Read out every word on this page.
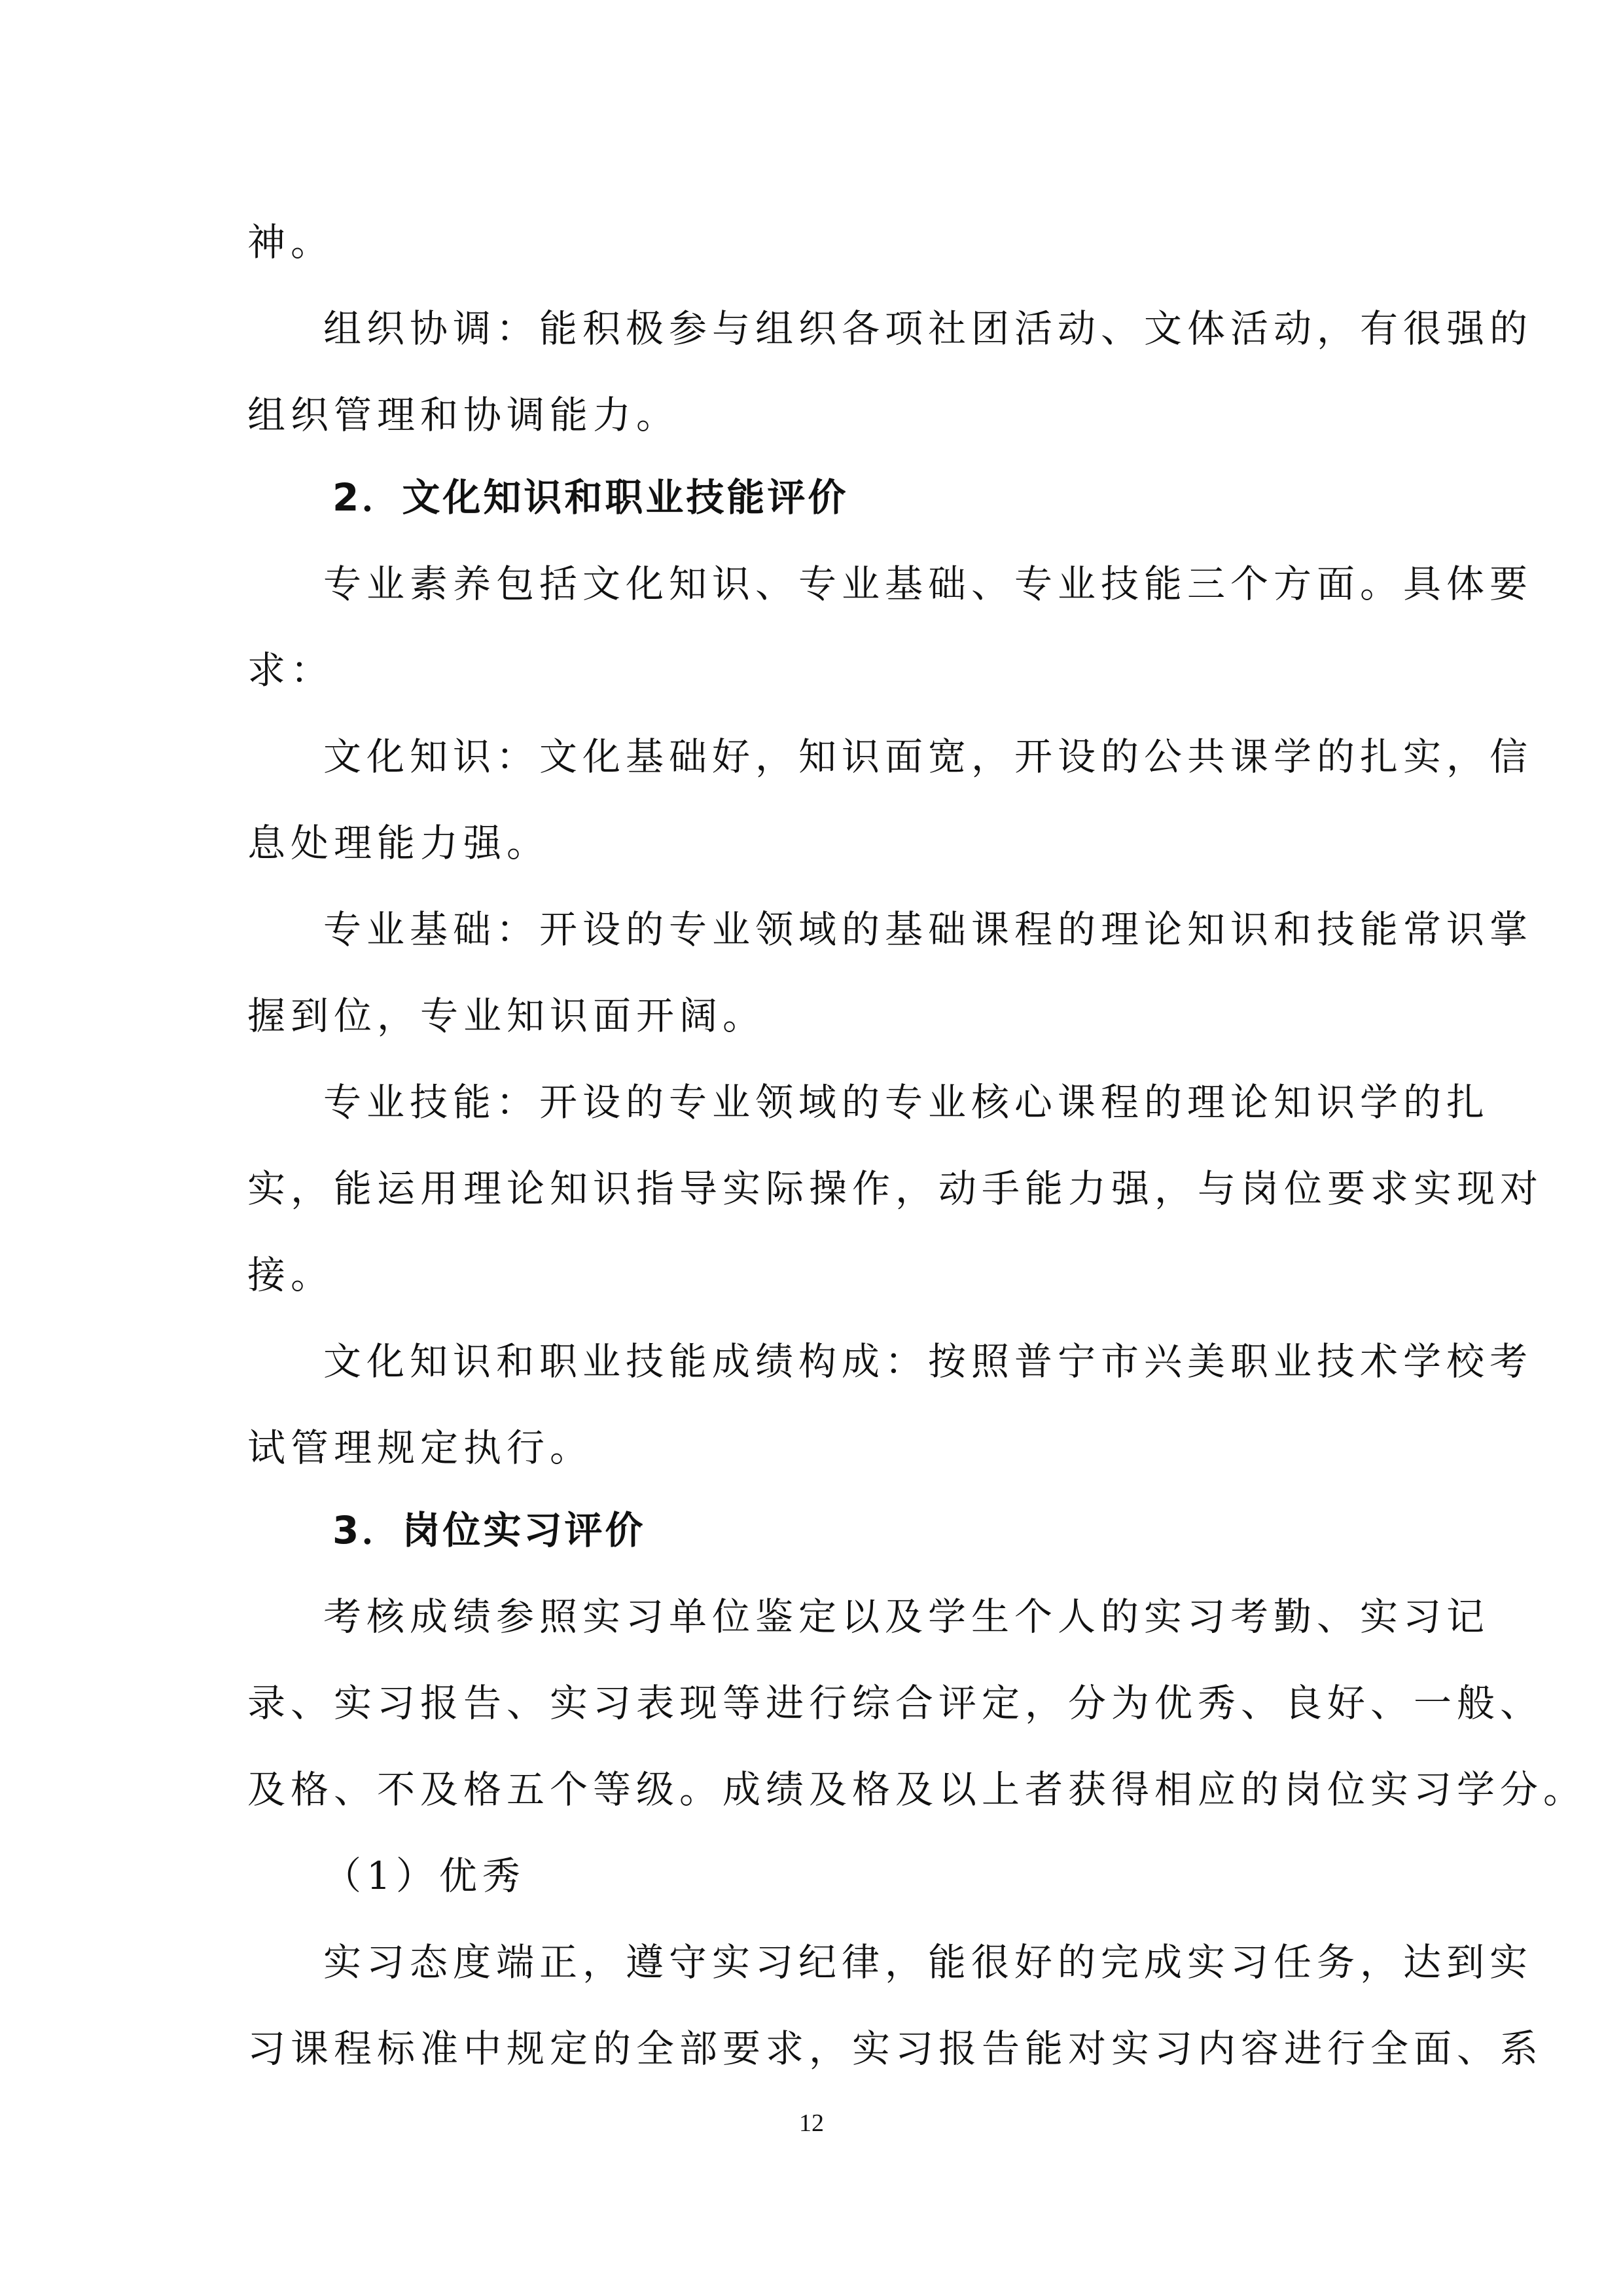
神。
组织协调：能积极参与组织各项社团活动、文体活动，有很强的
组织管理和协调能力。
2．文化知识和职业技能评价
专业素养包括文化知识、专业基础、专业技能三个方面。具体要
求：
文化知识：文化基础好，知识面宽，开设的公共课学的扎实，信
息处理能力强。
专业基础：开设的专业领域的基础课程的理论知识和技能常识掌
握到位，专业知识面开阔。
专业技能：开设的专业领域的专业核心课程的理论知识学的扎
实，能运用理论知识指导实际操作，动手能力强，与岗位要求实现对
接。
文化知识和职业技能成绩构成：按照普宁市兴美职业技术学校考
试管理规定执行。
3．岗位实习评价
考核成绩参照实习单位鉴定以及学生个人的实习考勤、实习记
录、实习报告、实习表现等进行综合评定，分为优秀、良好、一般、
及格、不及格五个等级。成绩及格及以上者获得相应的岗位实习学分。
（1）优秀
实习态度端正，遵守实习纪律，能很好的完成实习任务，达到实
习课程标准中规定的全部要求，实习报告能对实习内容进行全面、系
12
